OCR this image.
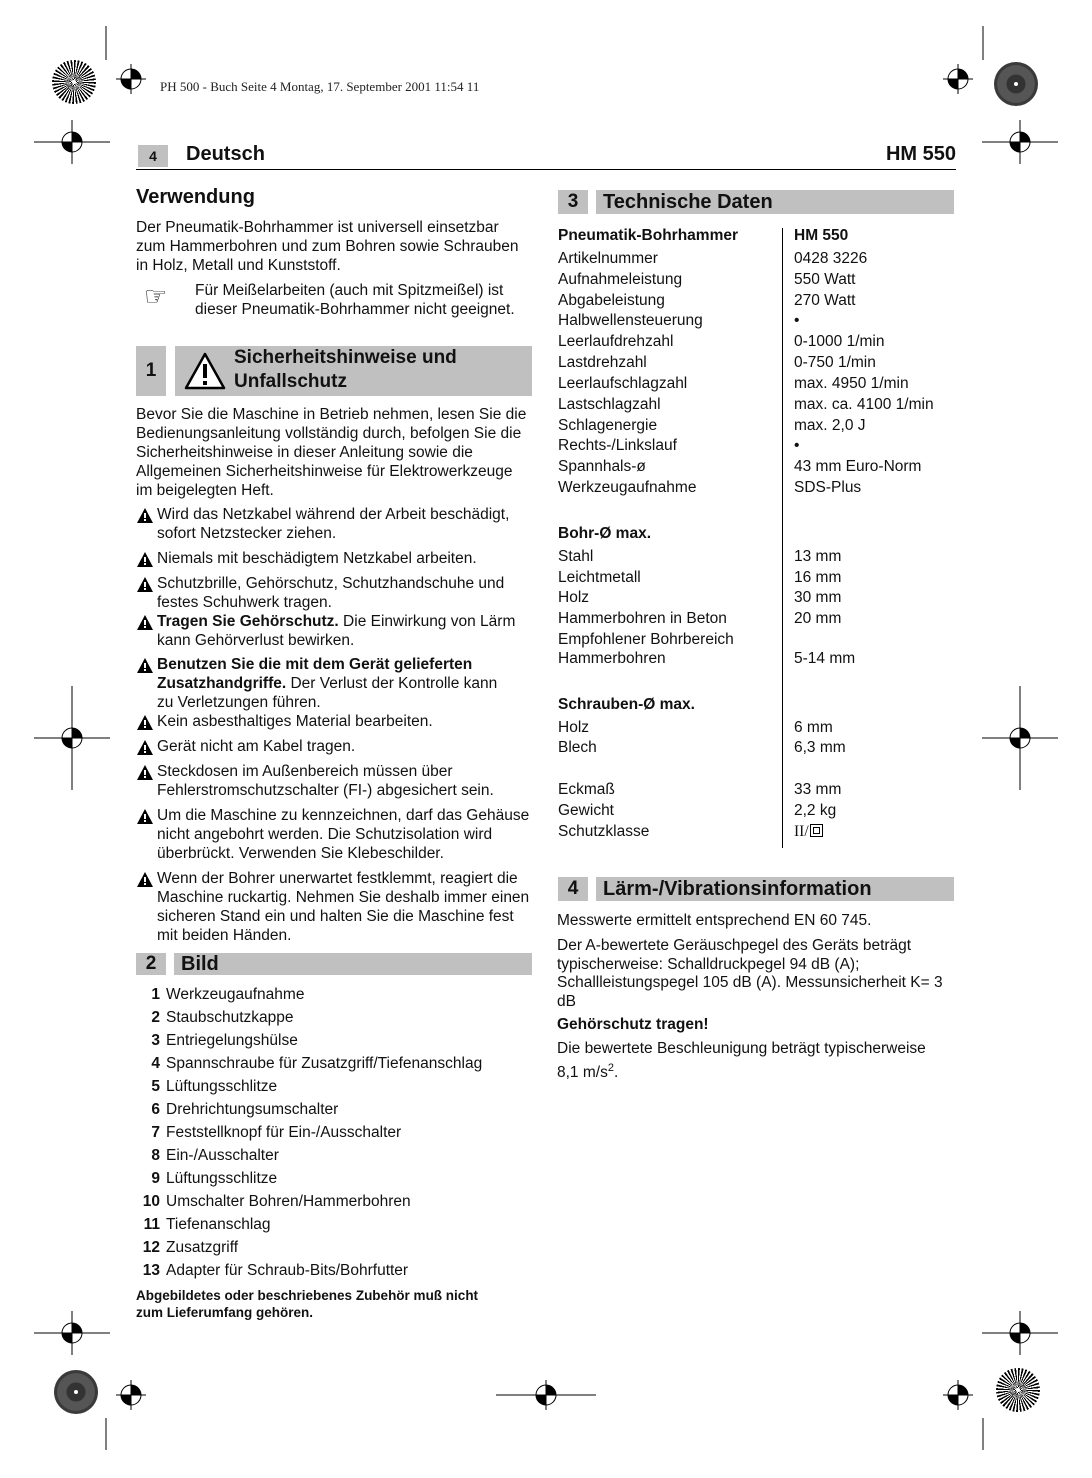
PH 500 - Buch Seite 4 Montag, 17. September 2001 11:54 11
4	Deutsch	HM 550
Verwendung
Der Pneumatik-Bohrhammer ist universell einsetzbar zum Hammerbohren und zum Bohren sowie Schrauben in Holz, Metall und Kunststoff.
☞ Für Meißelarbeiten (auch mit Spitzmeißel) ist dieser Pneumatik-Bohrhammer nicht geeignet.
1
Sicherheitshinweise und
Unfallschutz
Bevor Sie die Maschine in Betrieb nehmen, lesen Sie die Bedienungsanleitung vollständig durch, befolgen Sie die Sicherheitshinweise in dieser Anleitung sowie die Allgemeinen Sicherheitshinweise für Elektrowerkzeuge im beigelegten Heft.
Wird das Netzkabel während der Arbeit beschädigt, sofort Netzstecker ziehen.
Niemals mit beschädigtem Netzkabel arbeiten.
Schutzbrille, Gehörschutz, Schutzhandschuhe und festes Schuhwerk tragen.
Tragen Sie Gehörschutz. Die Einwirkung von Lärm kann Gehörverlust bewirken.
Benutzen Sie die mit dem Gerät gelieferten Zusatzhandgriffe. Der Verlust der Kontrolle kann zu Verletzungen führen.
Kein asbesthaltiges Material bearbeiten.
Gerät nicht am Kabel tragen.
Steckdosen im Außenbereich müssen über Fehlerstromschutzschalter (FI-) abgesichert sein.
Um die Maschine zu kennzeichnen, darf das Gehäuse nicht angebohrt werden. Die Schutzisolation wird überbrückt. Verwenden Sie Klebeschilder.
Wenn der Bohrer unerwartet festklemmt, reagiert die Maschine ruckartig. Nehmen Sie deshalb immer einen sicheren Stand ein und halten Sie die Maschine fest mit beiden Händen.
2	Bild
1 Werkzeugaufnahme
2 Staubschutzkappe
3 Entriegelungshülse
4 Spannschraube für Zusatzgriff/Tiefenanschlag
5 Lüftungsschlitze
6 Drehrichtungsumschalter
7 Feststellknopf für Ein-/Ausschalter
8 Ein-/Ausschalter
9 Lüftungsschlitze
10 Umschalter Bohren/Hammerbohren
11 Tiefenanschlag
12 Zusatzgriff
13 Adapter für Schraub-Bits/Bohrfutter
Abgebildetes oder beschriebenes Zubehör muß nicht
zum Lieferumfang gehören.
3	Technische Daten
Pneumatik-Bohrhammer	HM 550
Artikelnummer	0428 3226
Aufnahmeleistung	550 Watt
Abgabeleistung	270 Watt
Halbwellensteuerung	•
Leerlaufdrehzahl	0-1000 1/min
Lastdrehzahl	0-750 1/min
Leerlaufschlagzahl	max. 4950 1/min
Lastschlagzahl	max. ca. 4100 1/min
Schlagenergie	max. 2,0 J
Rechts-/Linkslauf	•
Spannhals-ø	43 mm Euro-Norm
Werkzeugaufnahme	SDS-Plus
Bohr-Ø max.
Stahl	13 mm
Leichtmetall	16 mm
Holz	30 mm
Hammerbohren in Beton	20 mm
Empfohlener Bohrbereich
Hammerbohren	5-14 mm
Schrauben-Ø max.
Holz	6 mm
Blech	6,3 mm
Eckmaß	33 mm
Gewicht	2,2 kg
Schutzklasse	II/
4	Lärm-/Vibrationsinformation
Messwerte ermittelt entsprechend EN 60 745.
Der A-bewertete Geräuschpegel des Geräts beträgt typischerweise: Schalldruckpegel 94 dB (A); Schallleistungspegel 105 dB (A). Messunsicherheit K= 3 dB
Gehörschutz tragen!
Die bewertete Beschleunigung beträgt typischerweise 8,1 $m/s^2$.
